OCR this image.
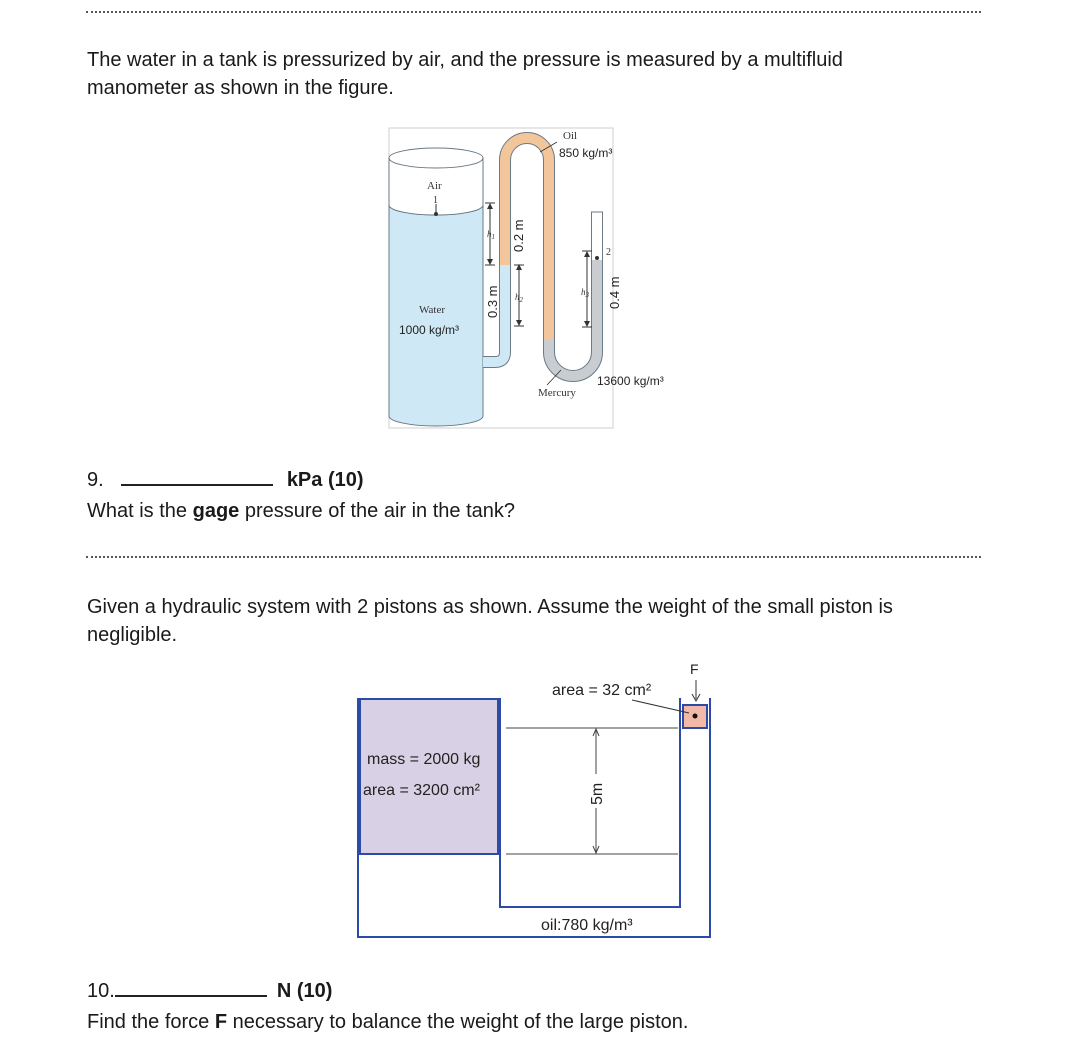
The water in a tank is pressurized by air, and the pressure is measured by a multifluid manometer as shown in the figure.

1
2
$h_1$
0.3 m
0.2 m
$h_2$
$h_3$ 0.4 m
Air
Water
1000 kg/m³
Oil
850 kg/m³
Mercury
13600 kg/m³
9.	kPa (10)
What is the gage pressure of the air in the tank?

Given a hydraulic system with 2 pistons as shown. Assume the weight of the small piston is negligible.

mass = 2000 kg
area = 3200 cm²
area = 32 cm²
F
5m
oil:780 kg/m³
10.	N (10)
Find the force F necessary to balance the weight of the large piston.
